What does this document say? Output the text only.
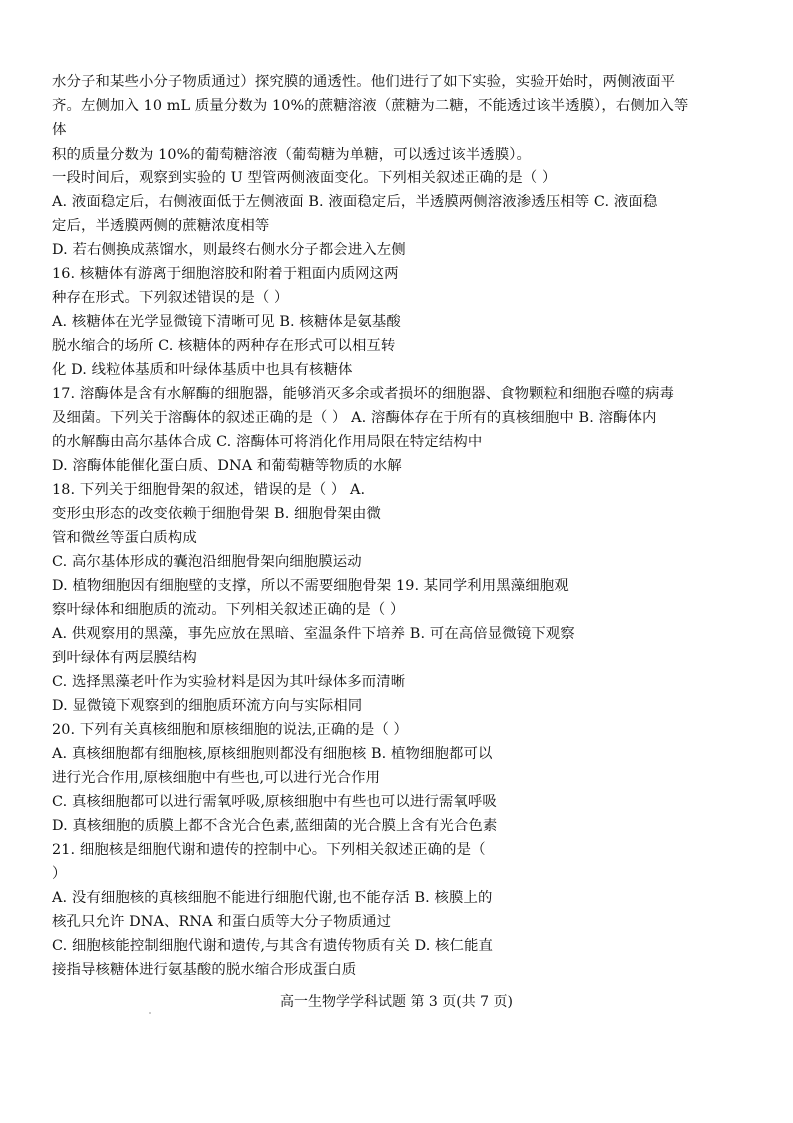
水分子和某些小分子物质通过）探究膜的通透性。他们进行了如下实验，实验开始时，两侧液面平
齐。左侧加入 10 mL 质量分数为 10%的蔗糖溶液（蔗糖为二糖，不能透过该半透膜），右侧加入等
体
积的质量分数为 10%的葡萄糖溶液（葡萄糖为单糖，可以透过该半透膜）。
一段时间后，观察到实验的 U 型管两侧液面变化。下列相关叙述正确的是（ ）
A. 液面稳定后，右侧液面低于左侧液面 B. 液面稳定后，半透膜两侧溶液渗透压相等 C. 液面稳
定后，半透膜两侧的蔗糖浓度相等
D. 若右侧换成蒸馏水，则最终右侧水分子都会进入左侧
16. 核糖体有游离于细胞溶胶和附着于粗面内质网这两
种存在形式。下列叙述错误的是（ ）
A. 核糖体在光学显微镜下清晰可见 B. 核糖体是氨基酸
脱水缩合的场所 C. 核糖体的两种存在形式可以相互转
化 D. 线粒体基质和叶绿体基质中也具有核糖体
17. 溶酶体是含有水解酶的细胞器，能够消灭多余或者损坏的细胞器、食物颗粒和细胞吞噬的病毒
及细菌。下列关于溶酶体的叙述正确的是（ ） A. 溶酶体存在于所有的真核细胞中 B. 溶酶体内
的水解酶由高尔基体合成 C. 溶酶体可将消化作用局限在特定结构中
D. 溶酶体能催化蛋白质、DNA 和葡萄糖等物质的水解
18. 下列关于细胞骨架的叙述，错误的是（ ） A.
变形虫形态的改变依赖于细胞骨架 B. 细胞骨架由微
管和微丝等蛋白质构成
C. 高尔基体形成的囊泡沿细胞骨架向细胞膜运动
D. 植物细胞因有细胞壁的支撑，所以不需要细胞骨架 19. 某同学利用黑藻细胞观
察叶绿体和细胞质的流动。下列相关叙述正确的是（ ）
A. 供观察用的黑藻，事先应放在黑暗、室温条件下培养 B. 可在高倍显微镜下观察
到叶绿体有两层膜结构
C. 选择黑藻老叶作为实验材料是因为其叶绿体多而清晰
D. 显微镜下观察到的细胞质环流方向与实际相同
20. 下列有关真核细胞和原核细胞的说法,正确的是（ ）
A. 真核细胞都有细胞核,原核细胞则都没有细胞核 B. 植物细胞都可以
进行光合作用,原核细胞中有些也,可以进行光合作用
C. 真核细胞都可以进行需氧呼吸,原核细胞中有些也可以进行需氧呼吸
D. 真核细胞的质膜上都不含光合色素,蓝细菌的光合膜上含有光合色素
21. 细胞核是细胞代谢和遗传的控制中心。下列相关叙述正确的是（
）
A. 没有细胞核的真核细胞不能进行细胞代谢,也不能存活 B. 核膜上的
核孔只允许 DNA、RNA 和蛋白质等大分子物质通过
C. 细胞核能控制细胞代谢和遗传,与其含有遗传物质有关 D. 核仁能直
接指导核糖体进行氨基酸的脱水缩合形成蛋白质
高一生物学学科试题 第 3 页(共 7 页)
